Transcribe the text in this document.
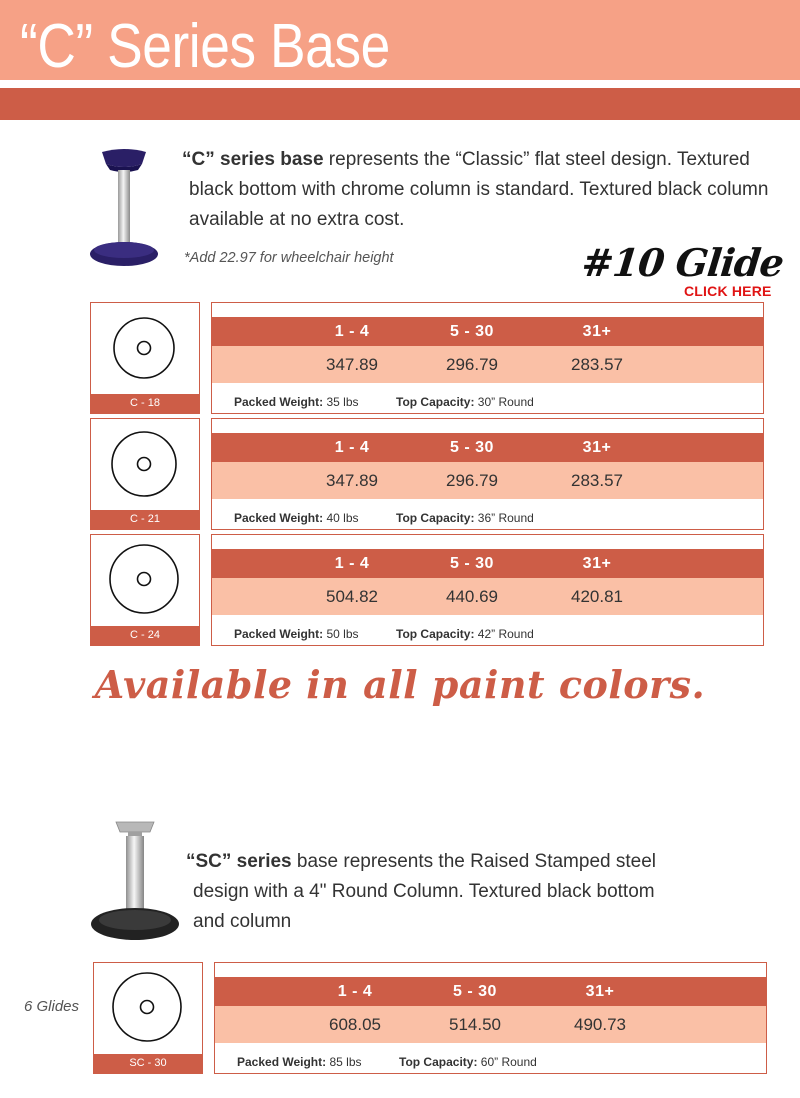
“C” Series Base
“C” series base represents the “Classic” flat steel design. Textured
black bottom with chrome column is standard. Textured black column
available at no extra cost.
*Add 22.97 for wheelchair height	#10 Glide
CLICK HERE
C - 18
1 - 4	5 - 30	31+
347.89	296.79	283.57
Packed Weight: 35 lbs	Top Capacity: 30” Round
C - 21
1 - 4	5 - 30	31+
347.89	296.79	283.57
Packed Weight: 40 lbs	Top Capacity: 36” Round
C - 24
1 - 4	5 - 30	31+
504.82	440.69	420.81
Packed Weight: 50 lbs	Top Capacity: 42” Round
Available in all paint colors.
“SC” series base represents the Raised Stamped steel
design with a 4" Round Column. Textured black bottom
and column
6 Glides
SC - 30
1 - 4	5 - 30	31+
608.05	514.50	490.73
Packed Weight: 85 lbs	Top Capacity: 60” Round
